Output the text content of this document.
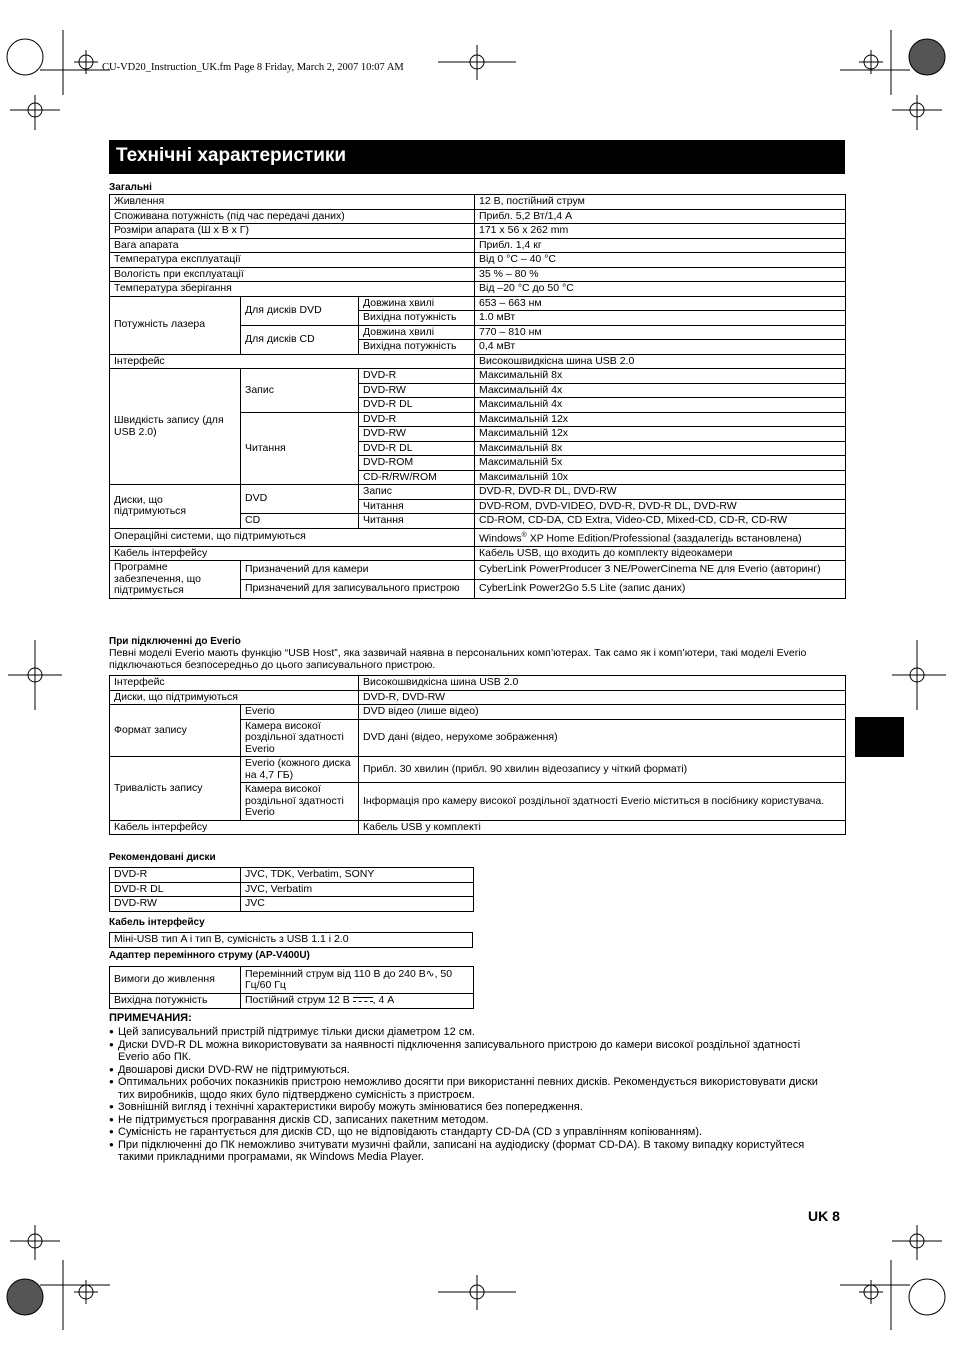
CU-VD20_Instruction_UK.fm Page 8 Friday, March 2, 2007 10:07 AM
Технічні характеристики
Загальні
Живлення			12 В, постійний струм
Споживана потужність (під час передачі даних)			Прибл. 5,2 Вт/1,4 А
Розміри апарата (Ш x В x Г)			171 x 56 x 262 mm
Вага апарата			Прибл. 1,4 кг
Температура експлуатації			Від 0 °C – 40 °C
Вологість при експлуатації			35 % – 80 %
Температура зберігання			Від –20 °C до 50 °C
Потужність лазера	Для дисків DVD	Довжина хвилі	653 – 663 нм
		Вихідна потужність	1.0 мВт
	Для дисків CD	Довжина хвилі	770 – 810 нм
		Вихідна потужність	0,4 мВт
Інтерфейс			Високошвидкісна шина USB 2.0
Швидкість запису (для USB 2.0)	Запис	DVD-R	Максимальній 8x
		DVD-RW	Максимальній 4x
		DVD-R DL	Максимальній 4x
	Читання	DVD-R	Максимальній 12x
		DVD-RW	Максимальній 12x
		DVD-R DL	Максимальній 8x
		DVD-ROM	Максимальній 5x
		CD-R/RW/ROM	Максимальній 10x
Диски, що підтримуються	DVD	Запис	DVD-R, DVD-R DL, DVD-RW
		Читання	DVD-ROM, DVD-VIDEO, DVD-R, DVD-R DL, DVD-RW
	CD	Читання	CD-ROM, CD-DA, CD Extra, Video-CD, Mixed-CD, CD-R, CD-RW
Операційні системи, що підтримуються			Windows® XP Home Edition/Professional (заздалегідь встановлена)
Кабель інтерфейсу			Кабель USB, що входить до комплекту відеокамери
Програмне забезпечення, що підтримується	Призначений для камери		CyberLink PowerProducer 3 NE/PowerCinema NE для Everio (авторинг)
	Призначений для записувального пристрою		CyberLink Power2Go 5.5 Lite (запис даних)
При підключенні до Everio
Певні моделі Everio мають функцію “USB Host”, яка зазвичай наявна в персональних комп’ютерах. Так само як і комп’ютери, такі моделі Everio підключаються безпосередньо до цього записувального пристрою.
Інтерфейс		Високошвидкісна шина USB 2.0
Диски, що підтримуються		DVD-R, DVD-RW
Формат запису	Everio	DVD відео (лише відео)
	Камера високої роздільної здатності Everio	DVD дані (відео, нерухоме зображення)
Тривалість запису	Everio (кожного диска на 4,7 ГБ)	Прибл. 30 хвилин (прибл. 90 хвилин відеозапису у чіткий форматі)
	Камера високої роздільної здатності Everio	Інформація про камеру високої роздільної здатності Everio міститься в посібнику користувача.
Кабель інтерфейсу		Кабель USB у комплекті
Рекомендовані диски
DVD-R	JVC, TDK, Verbatim, SONY
DVD-R DL	JVC, Verbatim
DVD-RW	JVC
Кабель інтерфейсу
Міні-USB тип A і тип B, сумісність з USB 1.1 і 2.0
Адаптер перемінного струму (AP-V400U)
Вимоги до живлення	Перемінний струм від 110 В до 240 В∿, 50 Гц/60 Гц
Вихідна потужність	Постійний струм 12 В , 4 А
ПРИМЕЧАНИЯ:
● Цей записувальний пристрій підтримує тільки диски діаметром 12 см.
● Диски DVD-R DL можна використовувати за наявності підключення записувального пристрою до камери високої роздільної здатності Everio або ПК.
● Двошарові диски DVD-RW не підтримуються.
● Оптимальних робочих показників пристрою неможливо досягти при використанні певних дисків. Рекомендується використовувати диски тих виробників, щодо яких було підтверджено сумісність з пристроєм.
● Зовнішній вигляд і технічні характеристики виробу можуть змінюватися без попередження.
● Не підтримується програвання дисків CD, записаних пакетним методом.
● Сумісність не гарантується для дисків CD, що не відповідають стандарту CD-DA (CD з управлінням копіюванням).
● При підключенні до ПК неможливо зчитувати музичні файли, записані на аудіодиску (формат CD-DA). В такому випадку користуйтеся такими прикладними програмами, як Windows Media Player.
UK 8
